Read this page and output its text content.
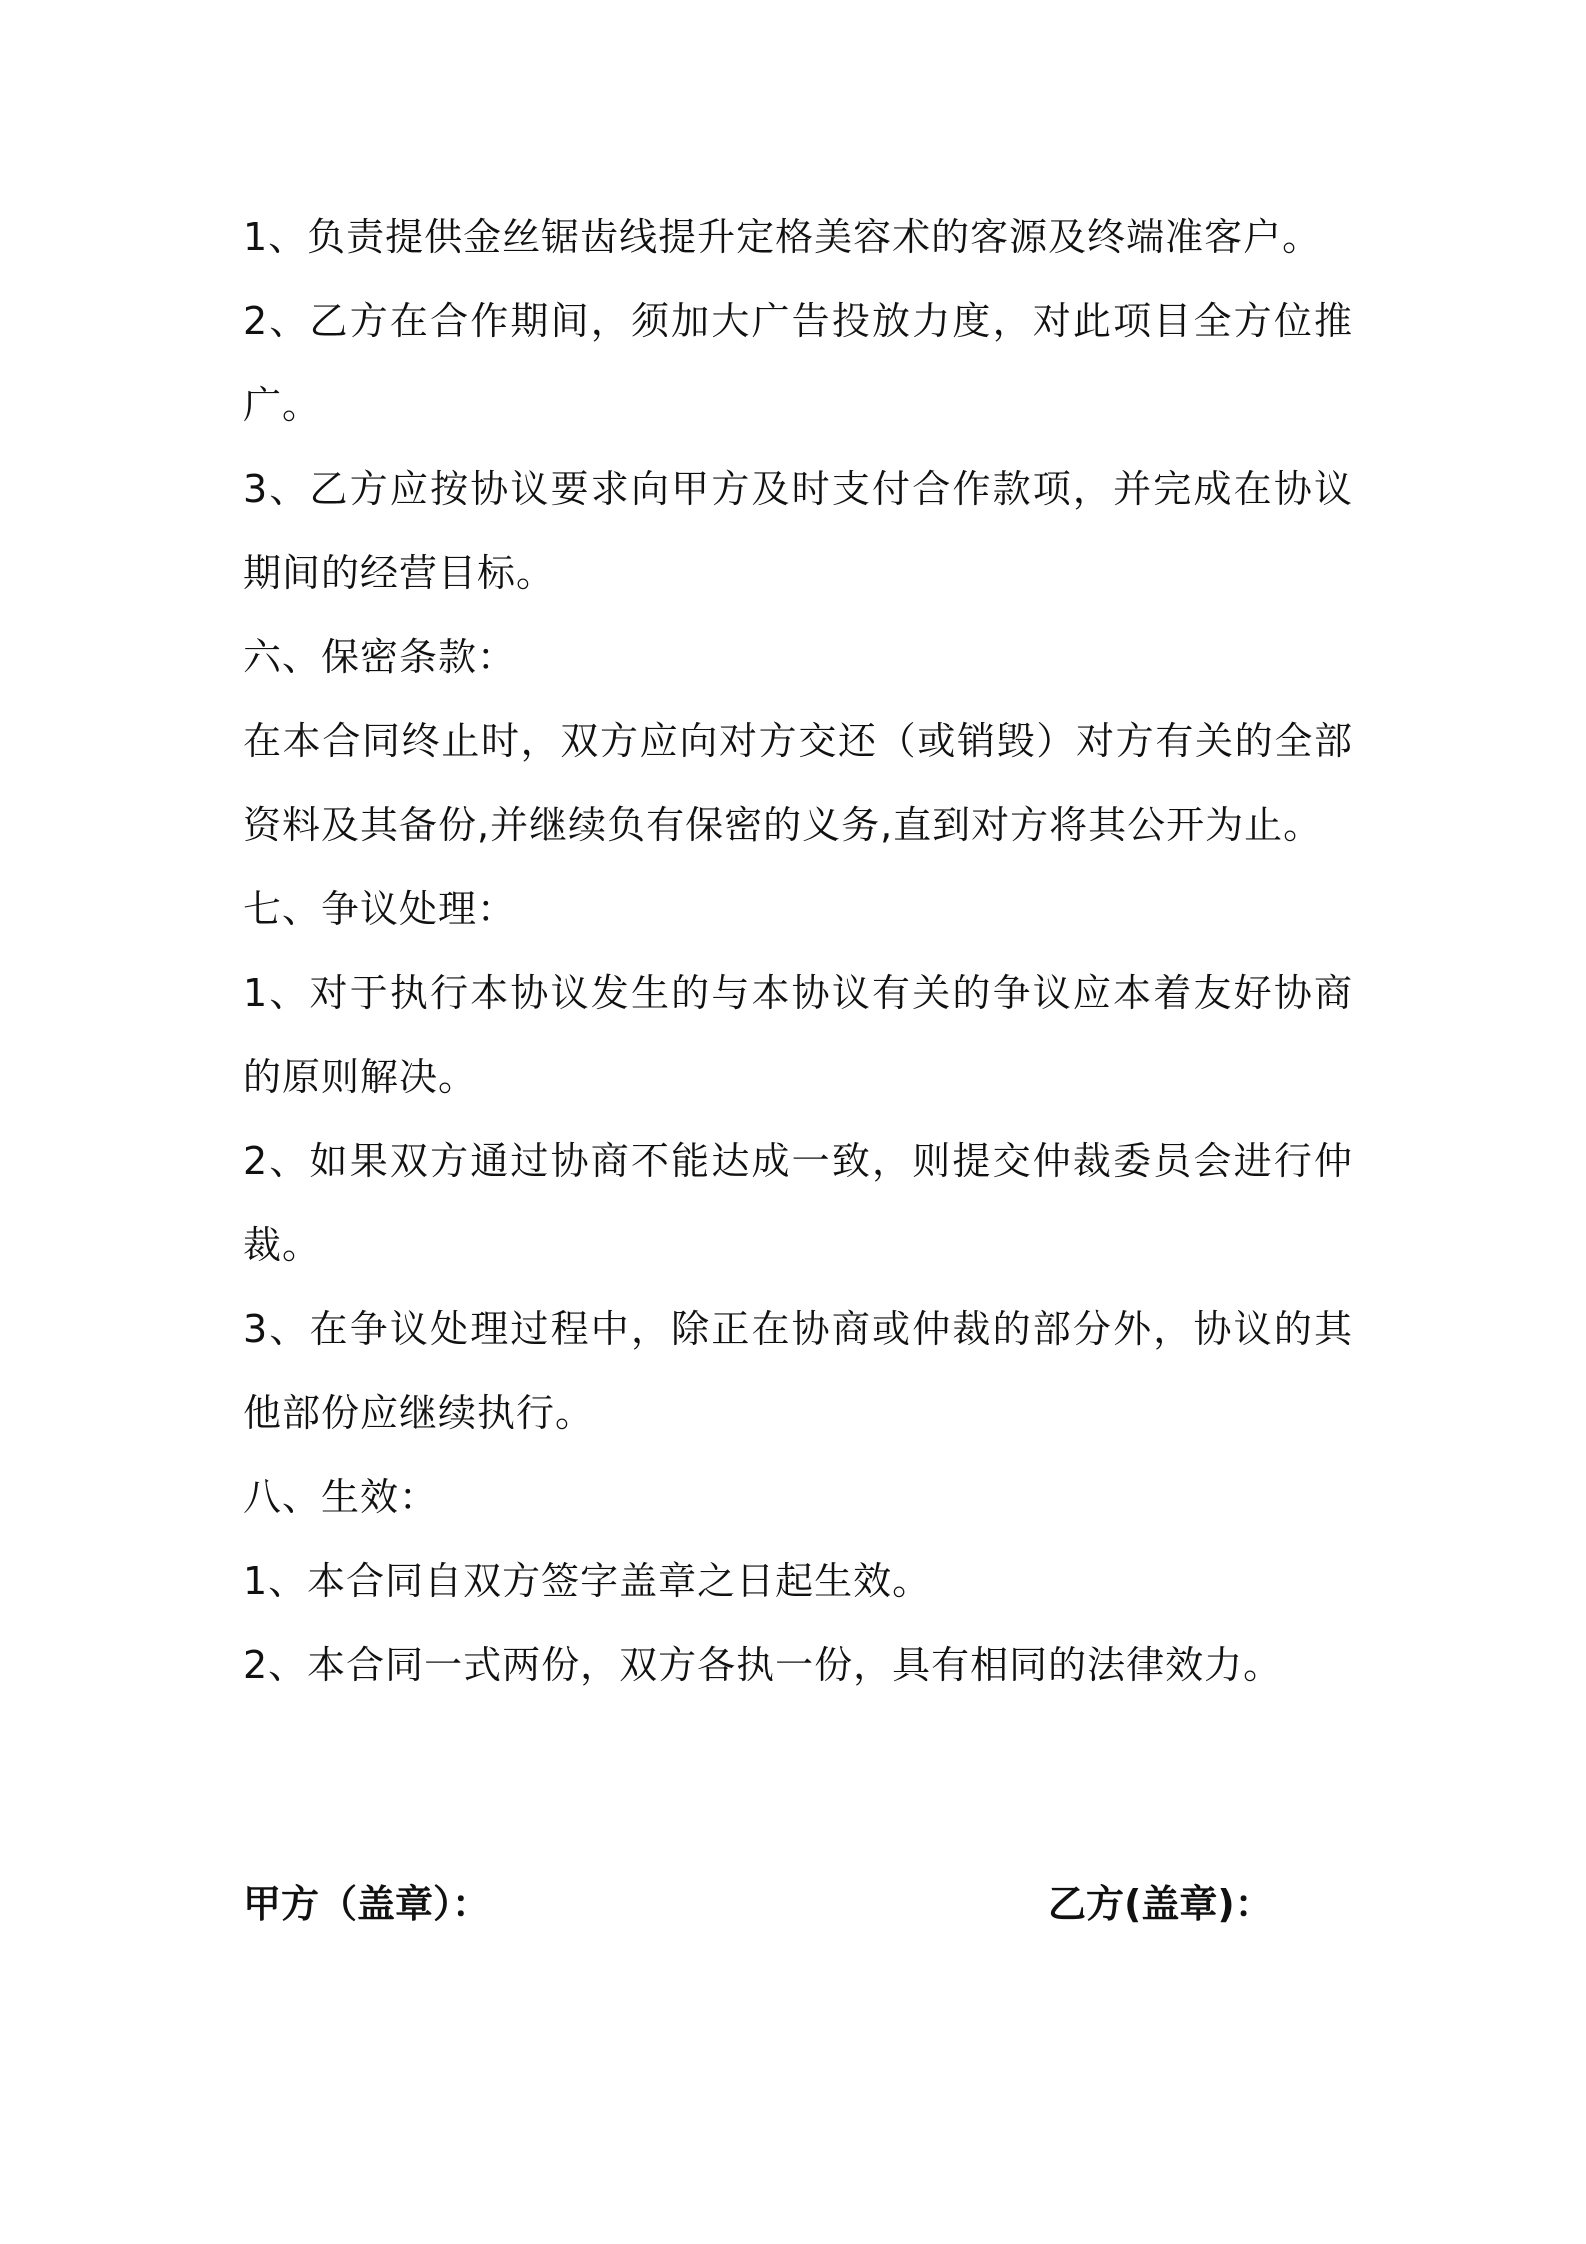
1、负责提供金丝锯齿线提升定格美容术的客源及终端准客户。

2、乙方在合作期间，须加大广告投放力度，对此项目全方位推广。

3、乙方应按协议要求向甲方及时支付合作款项，并完成在协议期间的经营目标。

六、保密条款：

在本合同终止时，双方应向对方交还（或销毁）对方有关的全部资料及其备份,并继续负有保密的义务,直到对方将其公开为止。

七、争议处理：

1、对于执行本协议发生的与本协议有关的争议应本着友好协商的原则解决。

2、如果双方通过协商不能达成一致，则提交仲裁委员会进行仲裁。

3、在争议处理过程中，除正在协商或仲裁的部分外，协议的其他部份应继续执行。

八、生效：

1、本合同自双方签字盖章之日起生效。

2、本合同一式两份，双方各执一份，具有相同的法律效力。

甲方（盖章）：	乙方(盖章)：
